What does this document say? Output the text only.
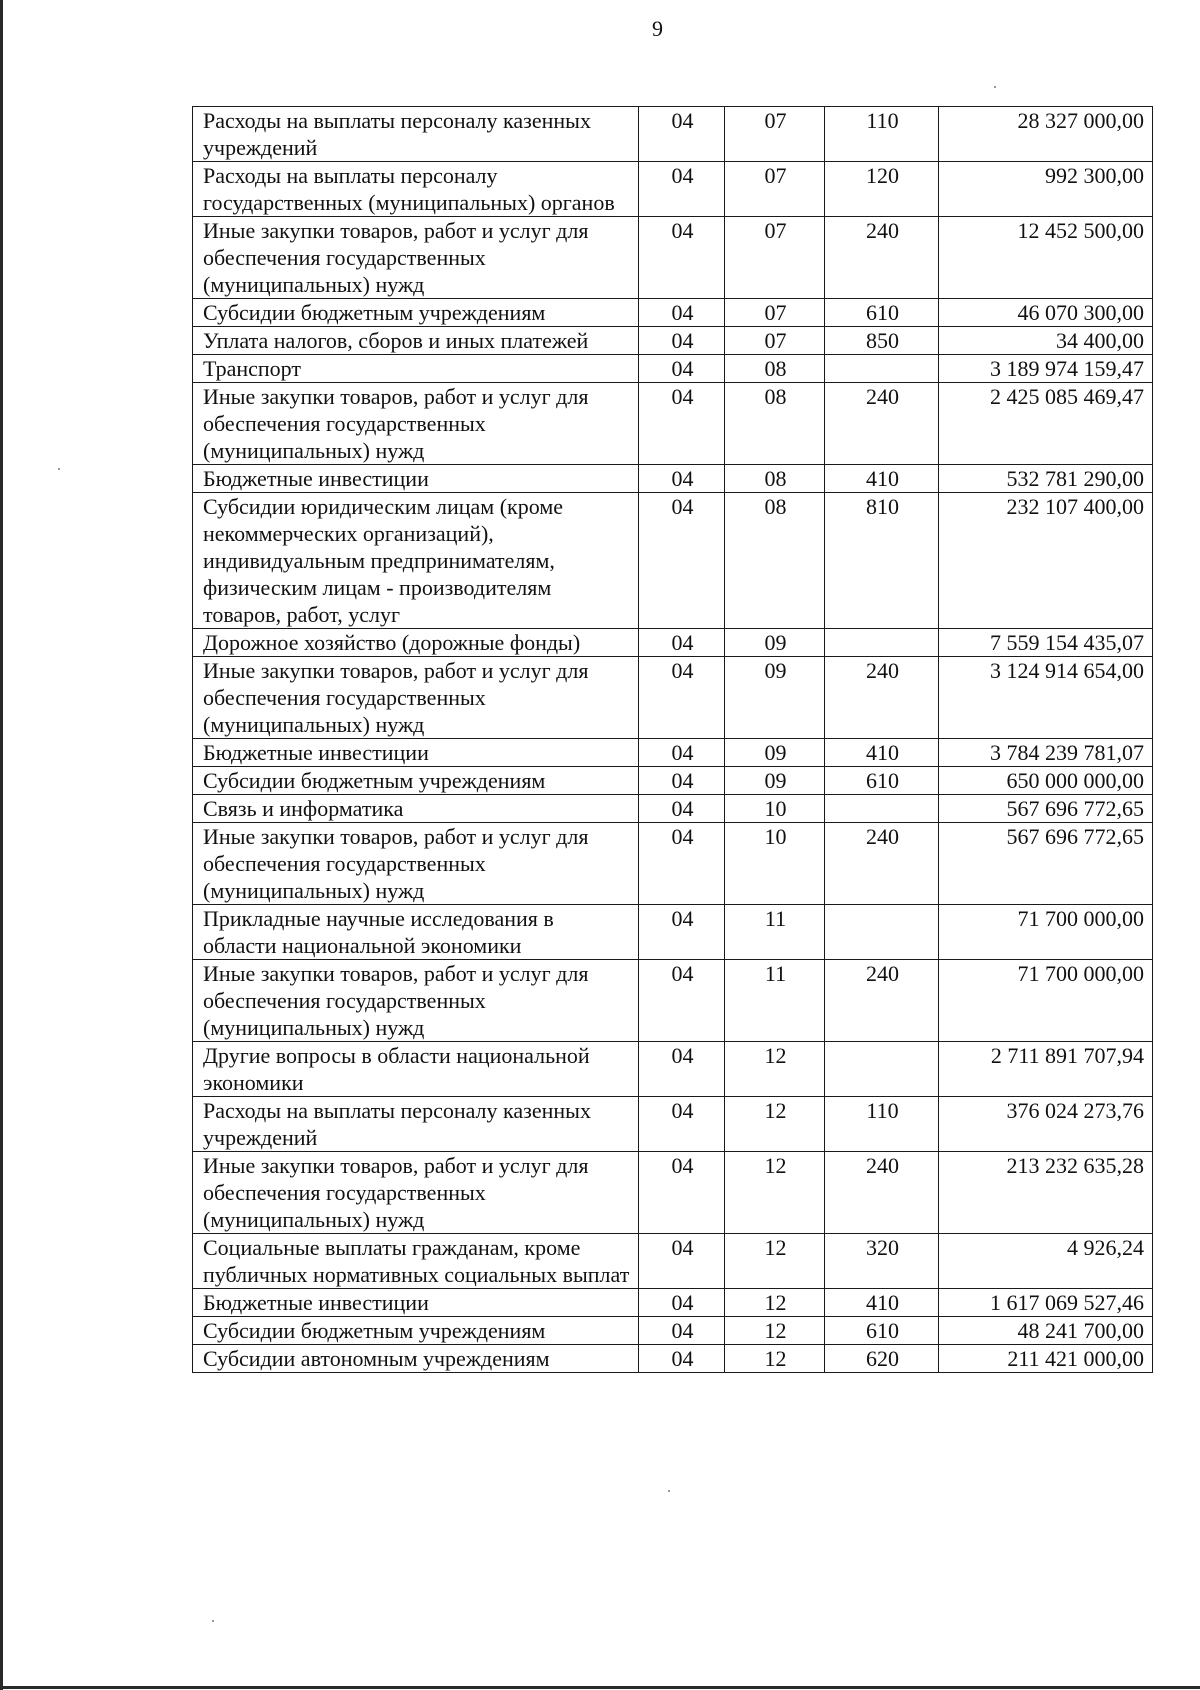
9
Расходы на выплаты персоналу казенных учреждений	04	07	110	28 327 000,00
Расходы на выплаты персоналу государственных (муниципальных) органов	04	07	120	992 300,00
Иные закупки товаров, работ и услуг для обеспечения государственных (муниципальных) нужд	04	07	240	12 452 500,00
Субсидии бюджетным учреждениям	04	07	610	46 070 300,00
Уплата налогов, сборов и иных платежей	04	07	850	34 400,00
Транспорт	04	08		3 189 974 159,47
Иные закупки товаров, работ и услуг для обеспечения государственных (муниципальных) нужд	04	08	240	2 425 085 469,47
Бюджетные инвестиции	04	08	410	532 781 290,00
Субсидии юридическим лицам (кроме некоммерческих организаций), индивидуальным предпринимателям, физическим лицам - производителям товаров, работ, услуг	04	08	810	232 107 400,00
Дорожное хозяйство (дорожные фонды)	04	09		7 559 154 435,07
Иные закупки товаров, работ и услуг для обеспечения государственных (муниципальных) нужд	04	09	240	3 124 914 654,00
Бюджетные инвестиции	04	09	410	3 784 239 781,07
Субсидии бюджетным учреждениям	04	09	610	650 000 000,00
Связь и информатика	04	10		567 696 772,65
Иные закупки товаров, работ и услуг для обеспечения государственных (муниципальных) нужд	04	10	240	567 696 772,65
Прикладные научные исследования в области национальной экономики	04	11		71 700 000,00
Иные закупки товаров, работ и услуг для обеспечения государственных (муниципальных) нужд	04	11	240	71 700 000,00
Другие вопросы в области национальной экономики	04	12		2 711 891 707,94
Расходы на выплаты персоналу казенных учреждений	04	12	110	376 024 273,76
Иные закупки товаров, работ и услуг для обеспечения государственных (муниципальных) нужд	04	12	240	213 232 635,28
Социальные выплаты гражданам, кроме публичных нормативных социальных выплат	04	12	320	4 926,24
Бюджетные инвестиции	04	12	410	1 617 069 527,46
Субсидии бюджетным учреждениям	04	12	610	48 241 700,00
Субсидии автономным учреждениям	04	12	620	211 421 000,00
